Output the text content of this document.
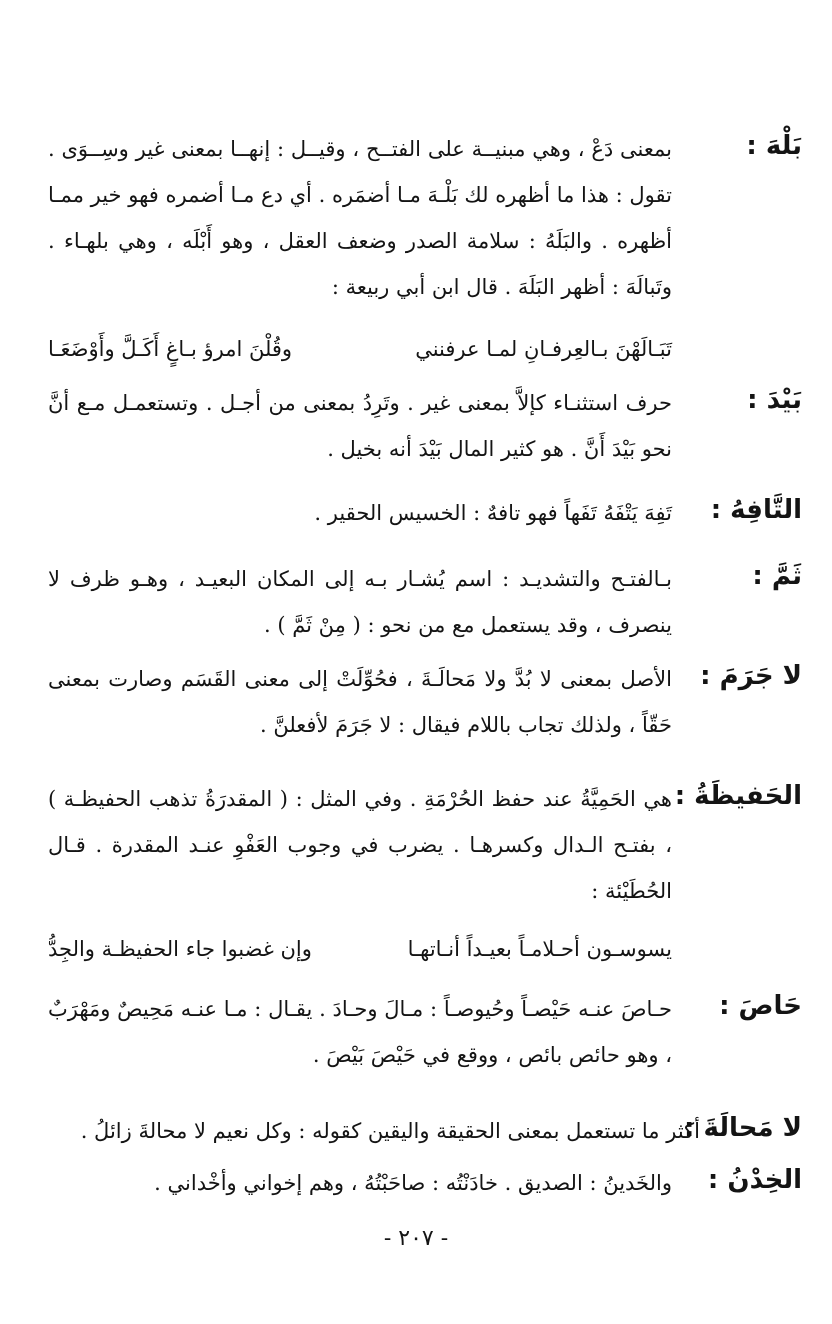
بَلْهَ :
بمعنى دَعْ ، وهي مبنيــة على الفتــح ، وقيــل : إنهــا بمعنى غير وسِــوَى . تقول : هذا ما أظهره لك بَلْـهَ مـا أضمَره . أي دع مـا أضمره فهو خير ممـا أظهره . والبَلَهُ : سلامة الصدر وضعف العقل ، وهو أَبْلَه ، وهي بلهـاء . وتَبالَهَ : أظهر البَلَهَ . قال ابن أبي ربيعة :
تَبَـالَهْنَ بـالعِرفـانِ لمـا عرفنني
وقُلْنَ امرؤ بـاغٍ أَكَـلَّ وأَوْضَعَـا
بَيْدَ :
حرف استثنـاء كإلاَّ بمعنى غير . وتَرِدُ بمعنى من أجـل . وتستعمـل مـع أنَّ نحو بَيْدَ أَنَّ . هو كثير المال بَيْدَ أنه بخيل .
التَّافِهُ :
تَفِهَ يَتْفَهُ تَفَهاً فهو تافهٌ : الخسيس الحقير .
ثَمَّ :
بـالفتـح والتشديـد : اسم يُشـار بـه إلى المكان البعيـد ، وهـو ظرف لا ينصرف ، وقد يستعمل مع من نحو : ( مِنْ ثَمَّ ) .
لا جَرَمَ :
الأصل بمعنى لا بُدَّ ولا مَحالَـةَ ، فحُوِّلَتْ إلى معنى القَسَم وصارت بمعنى حَقّاً ، ولذلك تجاب باللام فيقال : لا جَرَمَ لأفعلنَّ .
الحَفيظَةُ :
هي الحَمِيَّةُ عند حفظ الحُرْمَةِ . وفي المثل : ( المقدرَةُ تذهب الحفيظـة ) ، بفتـح الـدال وكسرهـا . يضرب في وجوب العَفْوِ عنـد المقدرة . قـال الحُطَيْئة :
يسوسـون أحـلامـاً بعيـداً أنـاتهـا
وإن غضبوا جاء الحفيظـة والجِدُّ
حَاصَ :
حـاصَ عنـه حَيْصـاً وحُيوصـاً : مـالَ وحـادَ . يقـال : مـا عنـه مَحِيصٌ ومَهْرَبٌ ، وهو حائص بائص ، ووقع في حَيْصَ بَيْصَ .
لا مَحالَةَ :
أكثر ما تستعمل بمعنى الحقيقة واليقين كقوله : وكل نعيم لا محالةَ زائلُ .
الخِدْنُ :
والخَدينُ : الصديق . خادَنْتُه : صاحَبْتُهُ ، وهم إخواني وأخْداني .
- ٢٠٧ -
